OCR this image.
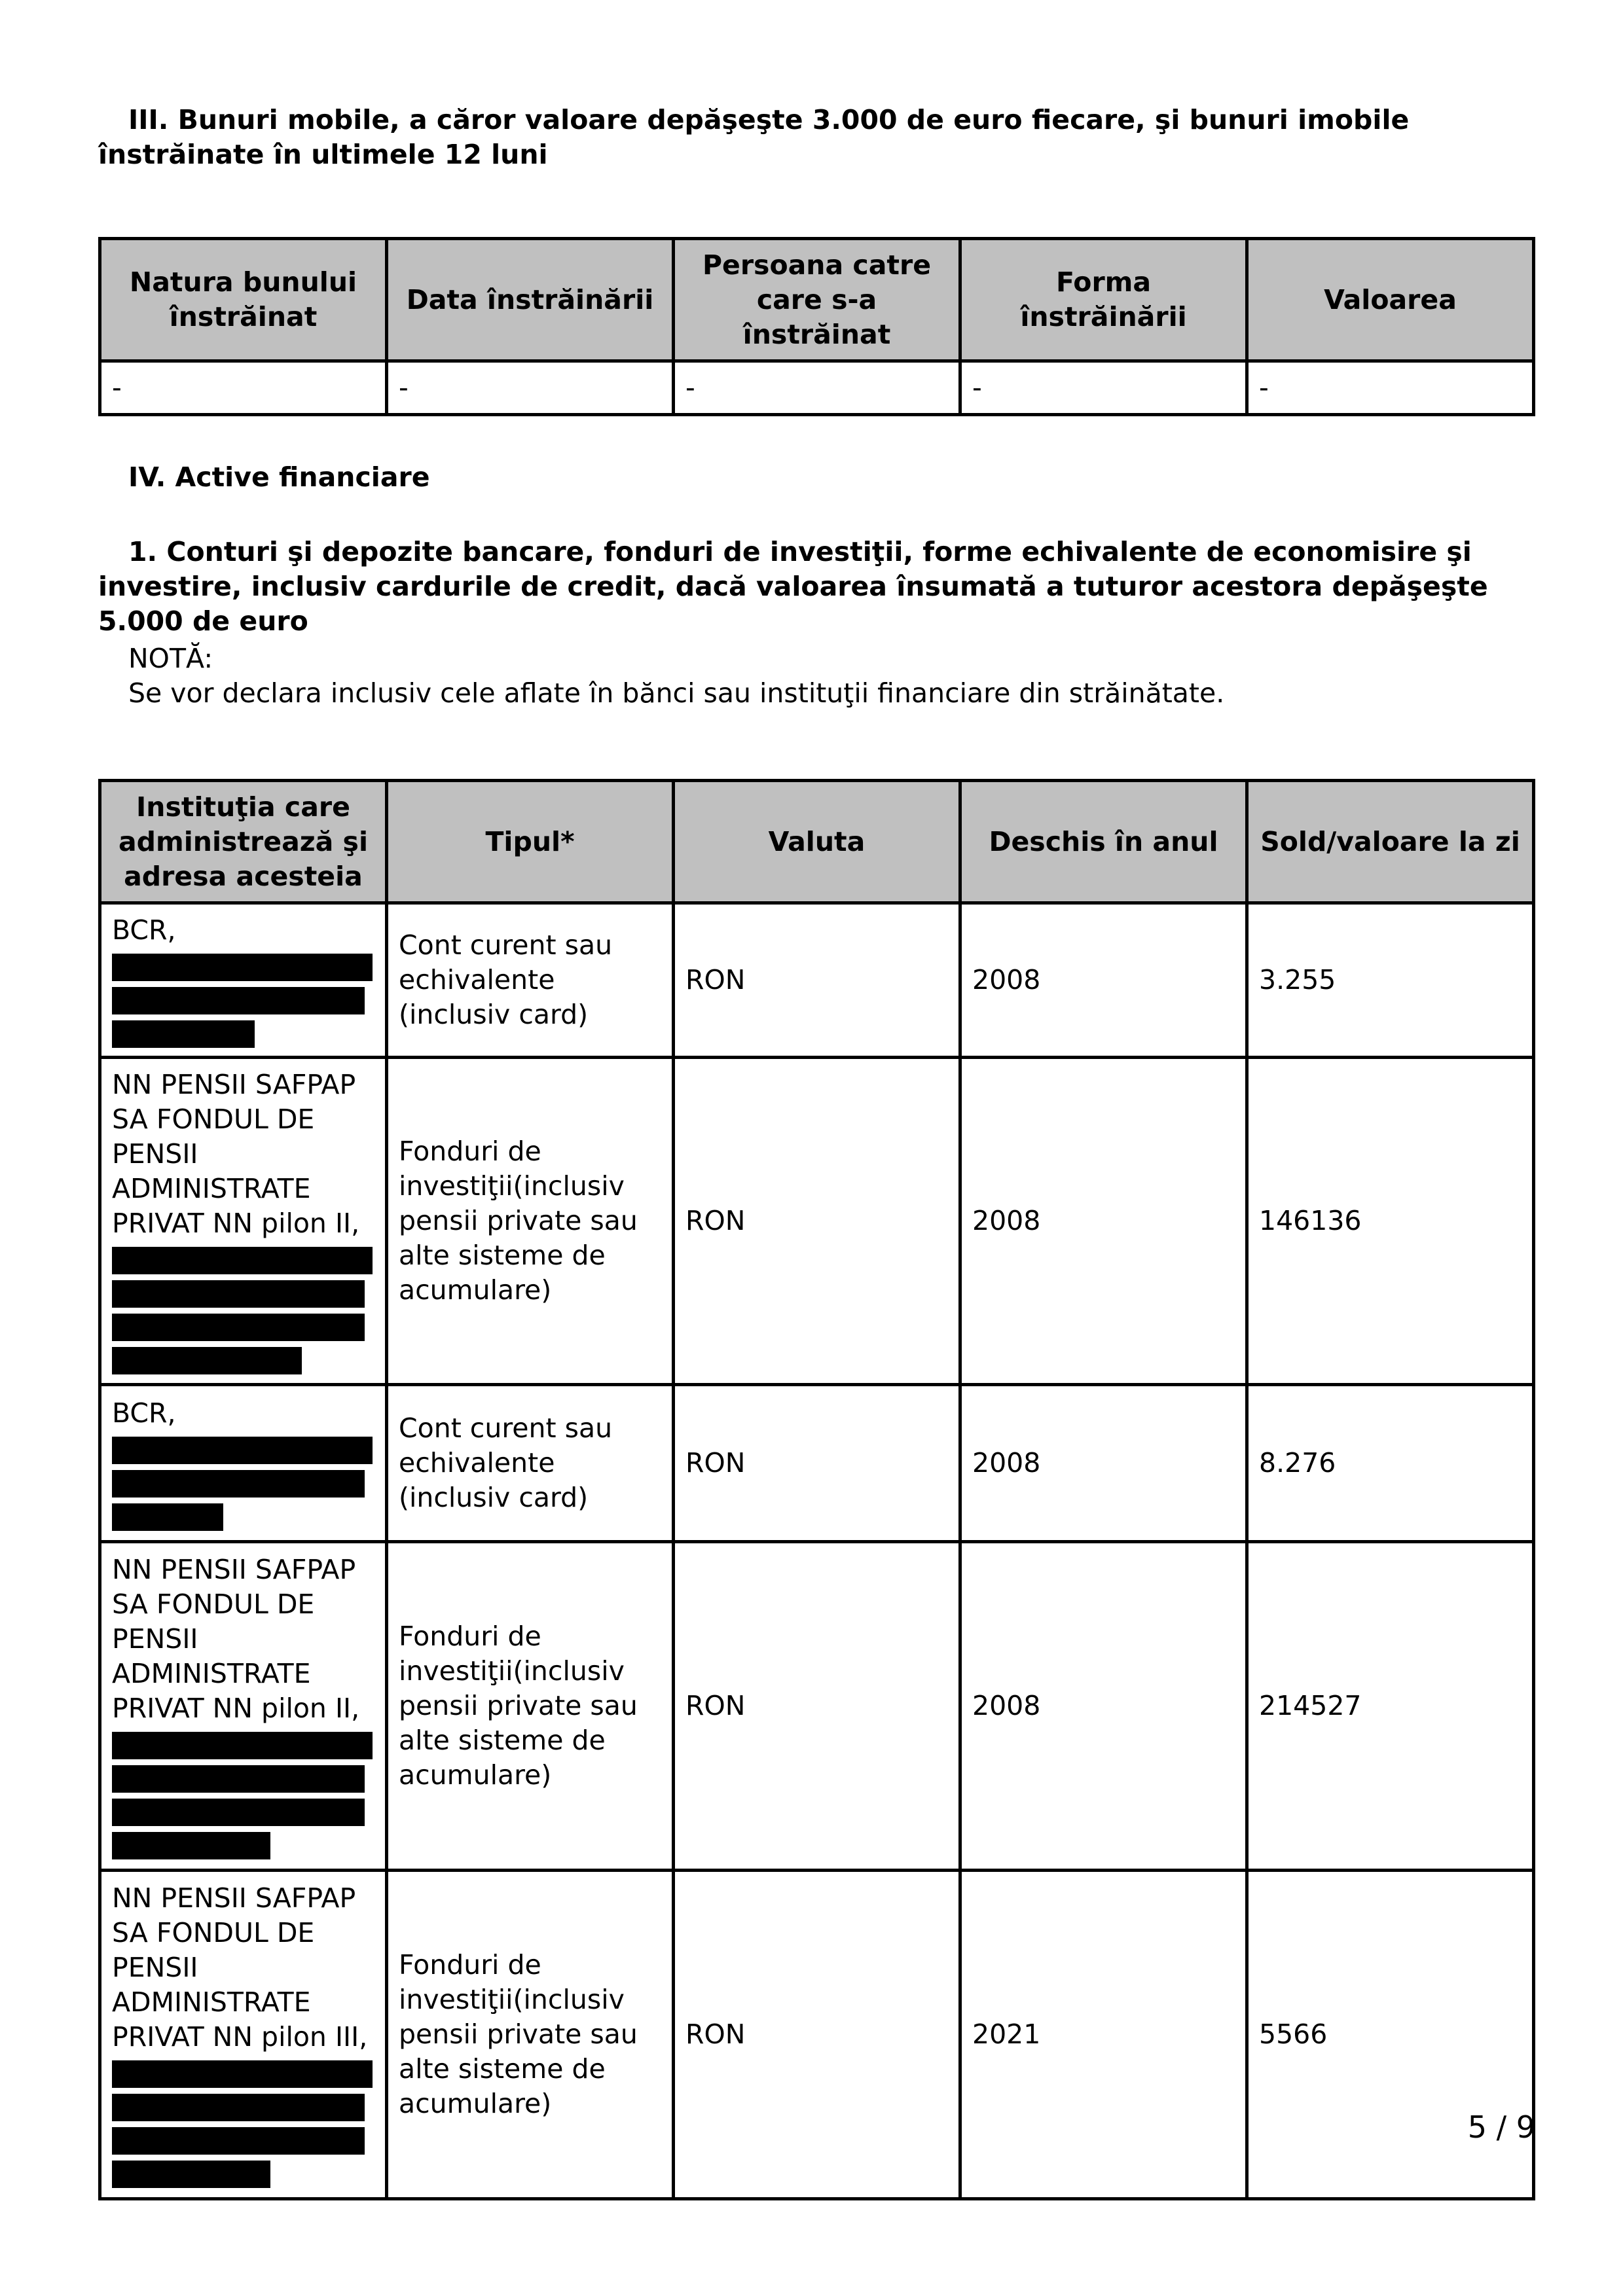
III. Bunuri mobile, a căror valoare depăşeşte 3.000 de euro fiecare, şi bunuri imobile înstrăinate în ultimele 12 luni

Natura bunului înstrăinat	Data înstrăinării	Persoana catre care s-a înstrăinat	Forma înstrăinării	Valoarea
-	-	-	-	-

IV. Active financiare

1. Conturi şi depozite bancare, fonduri de investiţii, forme echivalente de economisire şi investire, inclusiv cardurile de credit, dacă valoarea însumată a tuturor acestora depăşeşte 5.000 de euro

NOTĂ:

Se vor declara inclusiv cele aflate în bănci sau instituţii financiare din străinătate.

Instituţia care administrează şi adresa acesteia	Tipul*	Valuta	Deschis în anul	Sold/valoare la zi
BCR,	Cont curent sau echivalente (inclusiv card)	RON	2008	3.255
NN PENSII SAFPAP SA FONDUL DE PENSII ADMINISTRATE PRIVAT NN pilon II,	Fonduri de investiţii(inclusiv pensii private sau alte sisteme de acumulare)	RON	2008	146136
BCR,	Cont curent sau echivalente (inclusiv card)	RON	2008	8.276
NN PENSII SAFPAP SA FONDUL DE PENSII ADMINISTRATE PRIVAT NN pilon II,	Fonduri de investiţii(inclusiv pensii private sau alte sisteme de acumulare)	RON	2008	214527
NN PENSII SAFPAP SA FONDUL DE PENSII ADMINISTRATE PRIVAT NN pilon III,	Fonduri de investiţii(inclusiv pensii private sau alte sisteme de acumulare)	RON	2021	5566
5 / 9
